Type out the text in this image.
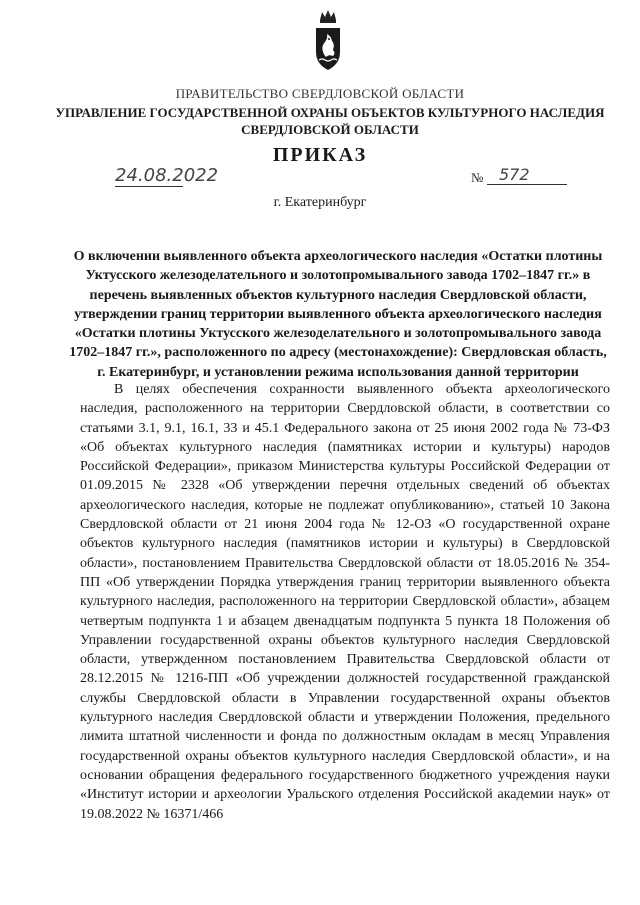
ПРАВИТЕЛЬСТВО СВЕРДЛОВСКОЙ ОБЛАСТИ
УПРАВЛЕНИЕ ГОСУДАРСТВЕННОЙ ОХРАНЫ ОБЪЕКТОВ КУЛЬТУРНОГО НАСЛЕДИЯ СВЕРДЛОВСКОЙ ОБЛАСТИ
ПРИКАЗ
24.08.2022	№ 572
г. Екатеринбург
О включении выявленного объекта археологического наследия «Остатки плотины Уктусского железоделательного и золотопромывального завода 1702–1847 гг.» в перечень выявленных объектов культурного наследия Свердловской области, утверждении границ территории выявленного объекта археологического наследия «Остатки плотины Уктусского железоделательного и золотопромывального завода 1702–1847 гг.», расположенного по адресу (местонахождение): Свердловская область, г. Екатеринбург, и установлении режима использования данной территории

В целях обеспечения сохранности выявленного объекта археологического наследия, расположенного на территории Свердловской области, в соответствии со статьями 3.1, 9.1, 16.1, 33 и 45.1 Федерального закона от 25 июня 2002 года № 73-ФЗ «Об объектах культурного наследия (памятниках истории и культуры) народов Российской Федерации», приказом Министерства культуры Российской Федерации от 01.09.2015 № 2328 «Об утверждении перечня отдельных сведений об объектах археологического наследия, которые не подлежат опубликованию», статьей 10 Закона Свердловской области от 21 июня 2004 года № 12-ОЗ «О государственной охране объектов культурного наследия (памятников истории и культуры) в Свердловской области», постановлением Правительства Свердловской области от 18.05.2016 № 354-ПП «Об утверждении Порядка утверждения границ территории выявленного объекта культурного наследия, расположенного на территории Свердловской области», абзацем четвертым подпункта 1 и абзацем двенадцатым подпункта 5 пункта 18 Положения об Управлении государственной охраны объектов культурного наследия Свердловской области, утвержденном постановлением Правительства Свердловской области от 28.12.2015 № 1216-ПП «Об учреждении должностей государственной гражданской службы Свердловской области в Управлении государственной охраны объектов культурного наследия Свердловской области и утверждении Положения, предельного лимита штатной численности и фонда по должностным окладам в месяц Управления государственной охраны объектов культурного наследия Свердловской области», и на основании обращения федерального государственного бюджетного учреждения науки «Институт истории и археологии Уральского отделения Российской академии наук» от 19.08.2022 № 16371/466
